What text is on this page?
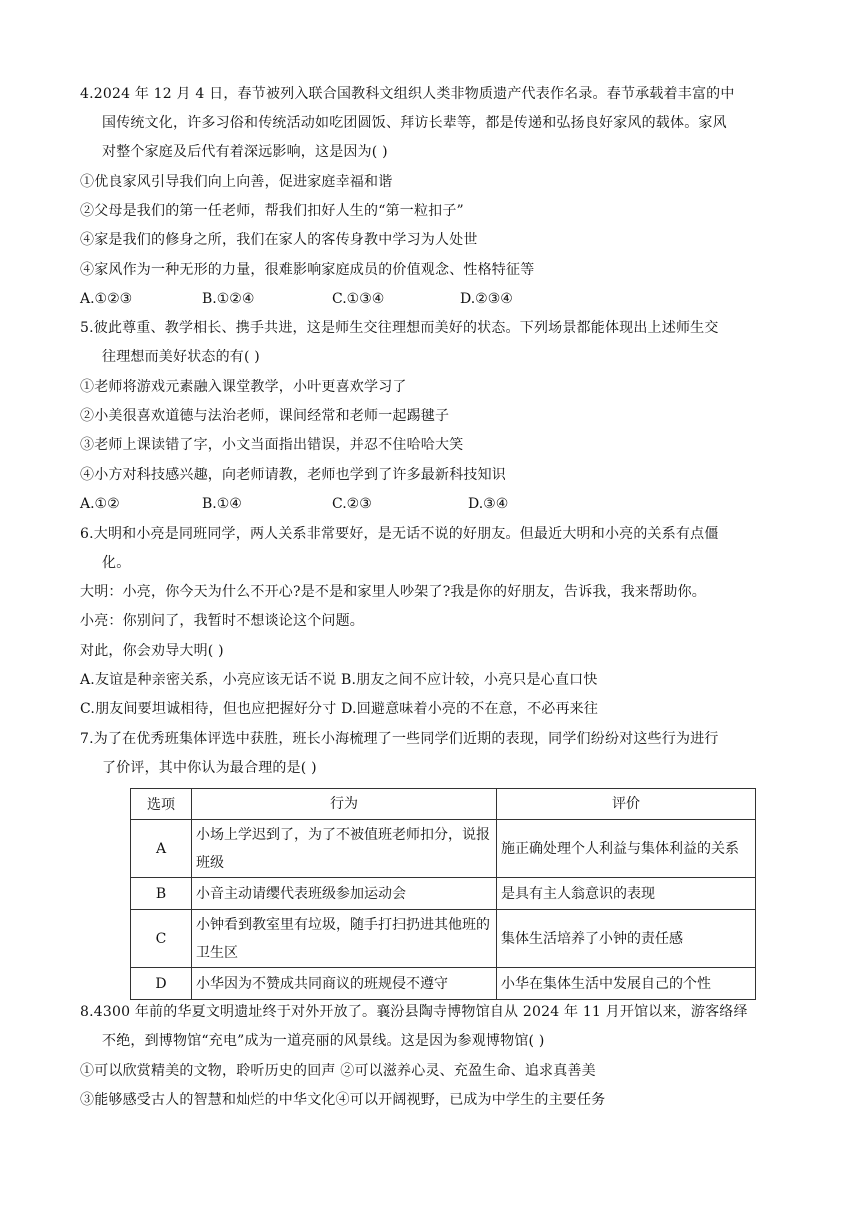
4.2024 年 12 月 4 日，春节被列入联合国教科文组织人类非物质遗产代表作名录。春节承载着丰富的中
国传统文化，许多习俗和传统活动如吃团圆饭、拜访长辈等，都是传递和弘扬良好家风的载体。家风
对整个家庭及后代有着深远影响，这是因为( )
①优良家风引导我们向上向善，促进家庭幸福和谐
②父母是我们的第一任老师，帮我们扣好人生的“第一粒扣子”
④家是我们的修身之所，我们在家人的客传身教中学习为人处世
④家风作为一种无形的力量，很难影响家庭成员的价值观念、性格特征等
A.①②③	B.①②④	C.①③④	D.②③④
5.彼此尊重、教学相长、携手共进，这是师生交往理想而美好的状态。下列场景都能体现出上述师生交
往理想而美好状态的有( )
①老师将游戏元素融入课堂教学，小叶更喜欢学习了
②小美很喜欢道德与法治老师，课间经常和老师一起踢毽子
③老师上课读错了字，小文当面指出错误，并忍不住哈哈大笑
④小方对科技感兴趣，向老师请教，老师也学到了许多最新科技知识
A.①②	B.①④	C.②③	D.③④
6.大明和小亮是同班同学，两人关系非常要好，是无话不说的好朋友。但最近大明和小亮的关系有点僵
化。
大明：小亮，你今天为什么不开心?是不是和家里人吵架了?我是你的好朋友，告诉我，我来帮助你。
小亮：你别问了，我暂时不想谈论这个问题。
对此，你会劝导大明( )
A.友谊是种亲密关系，小亮应该无话不说 B.朋友之间不应计较，小亮只是心直口快
C.朋友间要坦诚相待，但也应把握好分寸 D.回避意味着小亮的不在意，不必再来往
7.为了在优秀班集体评选中获胜，班长小海梳理了一些同学们近期的表现，同学们纷纷对这些行为进行
了价评，其中你认为最合理的是( )
选项	行为	评价
A	小场上学迟到了，为了不被值班老师扣分，说报班级	施正确处理个人利益与集体利益的关系
B	小音主动请缨代表班级参加运动会	是具有主人翁意识的表现
C	小钟看到教室里有垃圾，随手打扫扔进其他班的卫生区	集体生活培养了小钟的责任感
D	小华因为不赞成共同商议的班规侵不遵守	小华在集体生活中发展自己的个性
8.4300 年前的华夏文明遗址终于对外开放了。襄汾县陶寺博物馆自从 2024 年 11 月开馆以来，游客络绎
不绝，到博物馆“充电”成为一道亮丽的风景线。这是因为参观博物馆( )
①可以欣赏精美的文物，聆听历史的回声 ②可以滋养心灵、充盈生命、追求真善美
③能够感受古人的智慧和灿烂的中华文化④可以开阔视野，已成为中学生的主要任务
